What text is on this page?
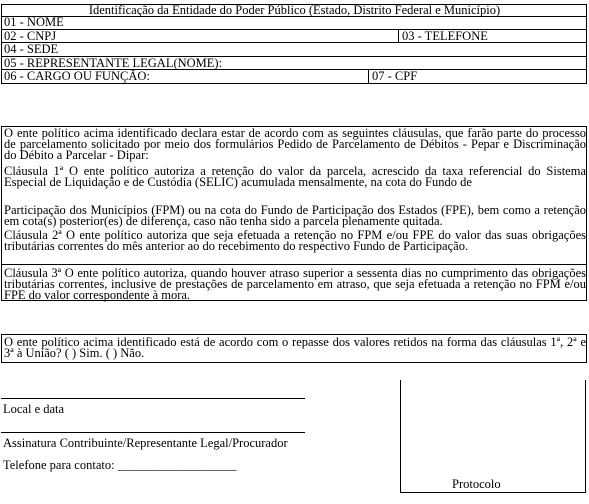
Identificação da Entidade do Poder Público (Estado, Distrito Federal e Município)
01 - NOME
02 - CNPJ	03 - TELEFONE
04 - SEDE
05 - REPRESENTANTE LEGAL(NOME):
06 - CARGO OU FUNÇÃO:	07 - CPF

O ente político acima identificado declara estar de acordo com as seguintes cláusulas, que farão parte do processo de parcelamento solicitado por meio dos formulários Pedido de Parcelamento de Débitos - Pepar e Discriminação do Débito a Parcelar - Dipar:

Cláusula 1ª O ente político autoriza a retenção do valor da parcela, acrescido da taxa referencial do Sistema Especial de Liquidação e de Custódia (SELIC) acumulada mensalmente, na cota do Fundo de

Participação dos Municípios (FPM) ou na cota do Fundo de Participação dos Estados (FPE), bem como a retenção em cota(s) posterior(es) de diferença, caso não tenha sido a parcela plenamente quitada.

Cláusula 2ª O ente político autoriza que seja efetuada a retenção no FPM e/ou FPE do valor das suas obrigações tributárias correntes do mês anterior ao do recebimento do respectivo Fundo de Participação.

Cláusula 3ª O ente político autoriza, quando houver atraso superior a sessenta dias no cumprimento das obrigações tributárias correntes, inclusive de prestações de parcelamento em atraso, que seja efetuada a retenção no FPM e/ou FPE do valor correspondente à mora.

O ente político acima identificado está de acordo com o repasse dos valores retidos na forma das cláusulas 1ª, 2ª e 3ª à União? ( ) Sim. ( ) Não.

Local e data
Assinatura Contribuinte/Representante Legal/Procurador
Telefone para contato: ___________________
Protocolo
